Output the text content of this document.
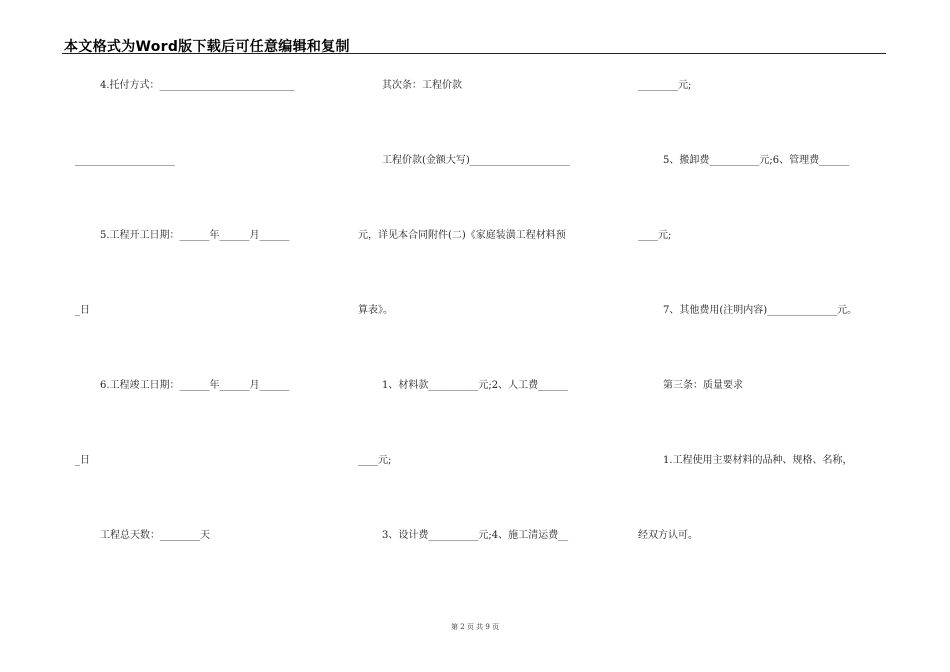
本文格式为Word版下载后可任意编辑和复制
4.托付方式：___________________________
____________________
5.工程开工日期：______年______月______
_日
6.工程竣工日期：______年______月______
_日
工程总天数：________天
其次条：工程价款
工程价款(金额大写)____________________
元，详见本合同附件(二)《家庭装潢工程材料预
算表》。
1、材料款__________元;2、人工费______
____元;
3、设计费__________元;4、施工清运费__
________元;
5、搬卸费__________元;6、管理费______
____元;
7、其他费用(注明内容)______________元。
第三条：质量要求
1.工程使用主要材料的品种、规格、名称，
经双方认可。
第 2 页 共 9 页
